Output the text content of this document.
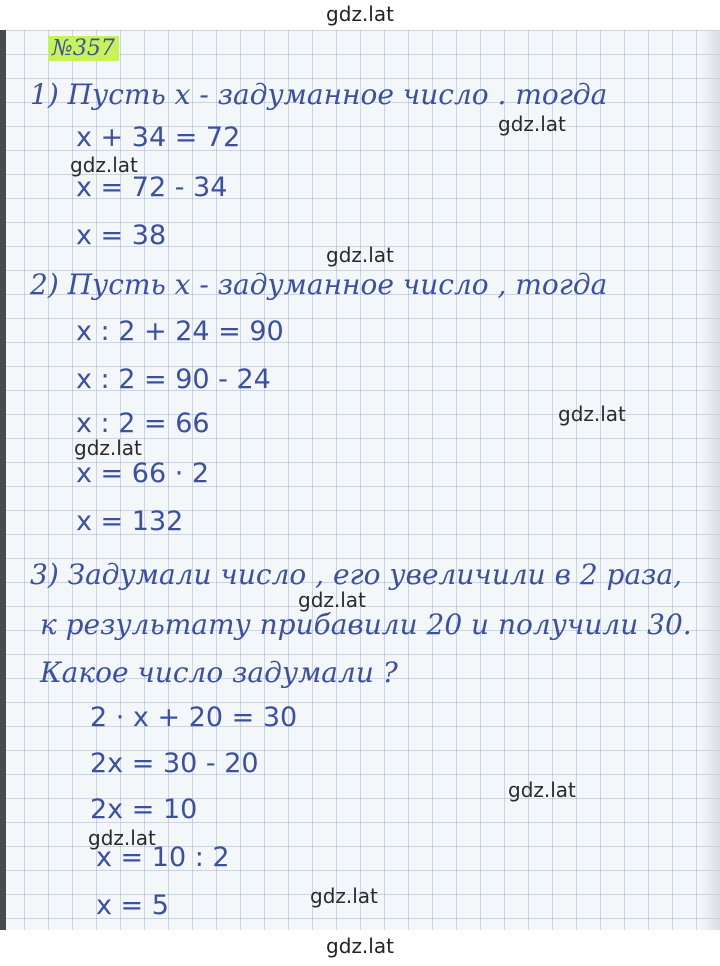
gdz.lat
№357
1) Пусть x - задуманное число . тогда
x + 34 = 72
x = 72 - 34
x = 38
2) Пусть x - задуманное число , тогда
x : 2 + 24 = 90
x : 2 = 90 - 24
x : 2 = 66
x = 66 · 2
x = 132
3) Задумали число , его увеличили в 2 раза,
к результату прибавили 20 и получили 30.
Какое число задумали ?
2 · x + 20 = 30
2x = 30 - 20
2x = 10
x = 10 : 2
x = 5
gdz.lat
gdz.lat
gdz.lat
gdz.lat
gdz.lat
gdz.lat
gdz.lat
gdz.lat
gdz.lat
gdz.lat
